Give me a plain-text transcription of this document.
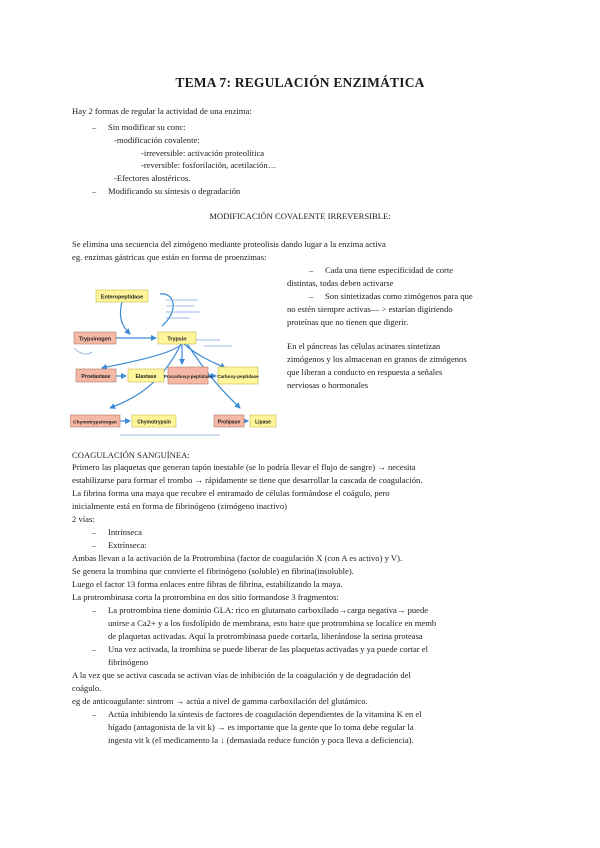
TEMA 7: REGULACIÓN ENZIMÁTICA
Hay 2 formas de regular la actividad de una enzima:
– Sin modificar su conc:
-modificación covalente:
-irreversible: activación proteolítica
-reversible: fosforilación, acetilación…
-Efectores alostéricos.
– Modificando su síntesis o degradación
MODIFICACIÓN COVALENTE IRREVERSIBLE:
Se elimina una secuencia del zimógeno mediante proteolisis dando lugar a la enzima activa
eg. enzimas gástricas que están en forma de proenzimas:
– Cada una tiene especificidad de corte
distintas, todas deben activarse
– Son sintetizadas como zimógenos para que
no estén siempre activas— > estarían digiriendo
proteínas que no tienen que digerir.
En el páncreas las células acinares sintetizan
zimógenos y los almacenan en granos de zimógenos
que liberan a conducto en respuesta a señales
nerviosas o hormonales
Enteropeptidase
Trypsinogen	Trypsin
Proelastase	Elastase Procarboxy-peptidase Carboxy-peptidase
Chymotrypsinogen	Chymotrypsin	Prolipase	Lipase
COAGULACIÓN SANGUÍNEA:
Primero las plaquetas que generan tapón inestable (se lo podría llevar el flujo de sangre) → necesita
estabilizarse para formar el trombo → rápidamente se tiene que desarrollar la cascada de coagulación.
La fibrina forma una maya que recubre el entramado de células formándose el coágulo, pero
inicialmente está en forma de fibrinógeno (zimógeno inactivo)
2 vías:
– Intrínseca
– Extrínseca:
Ambas llevan a la activación de la Protrombina (factor de coagulación X (con A es activo) y V).
Se genera la trombina que convierte el fibrinógeno (soluble) en fibrina(insoluble).
Luego el factor 13 forma enlaces entre fibras de fibrina, estabilizando la maya.
La protrombinasa corta la protrombina en dos sitio formandose 3 fragmentos:
– La protrombina tiene dominio GLA: rico en glutamato carboxilado→carga negativa→ puede
unirse a Ca2+ y a los fosfolípido de membrana, esto hace que protrombina se localice en memb
de plaquetas activadas. Aquí la protrombinasa puede cortarla, liberándose la serina proteasa
– Una vez activada, la trombina se puede liberar de las plaquetas activadas y ya puede cortar el
fibrinógeno
A la vez que se activa cascada se activan vías de inhibición de la coagulación y de degradación del
coágulo.
eg de anticoagulante: sintrom → actúa a nivel de gamma carboxilación del glutámico.
– Actúa inhibiendo la síntesis de factores de coagulación dependientes de la vitamina K en el
hígado (antagonista de la vit k) → es importante que la gente que lo toma debe regular la
ingesta vit k (el medicamento la ↓ (demasiada reduce función y poca lleva a deficiencia).
